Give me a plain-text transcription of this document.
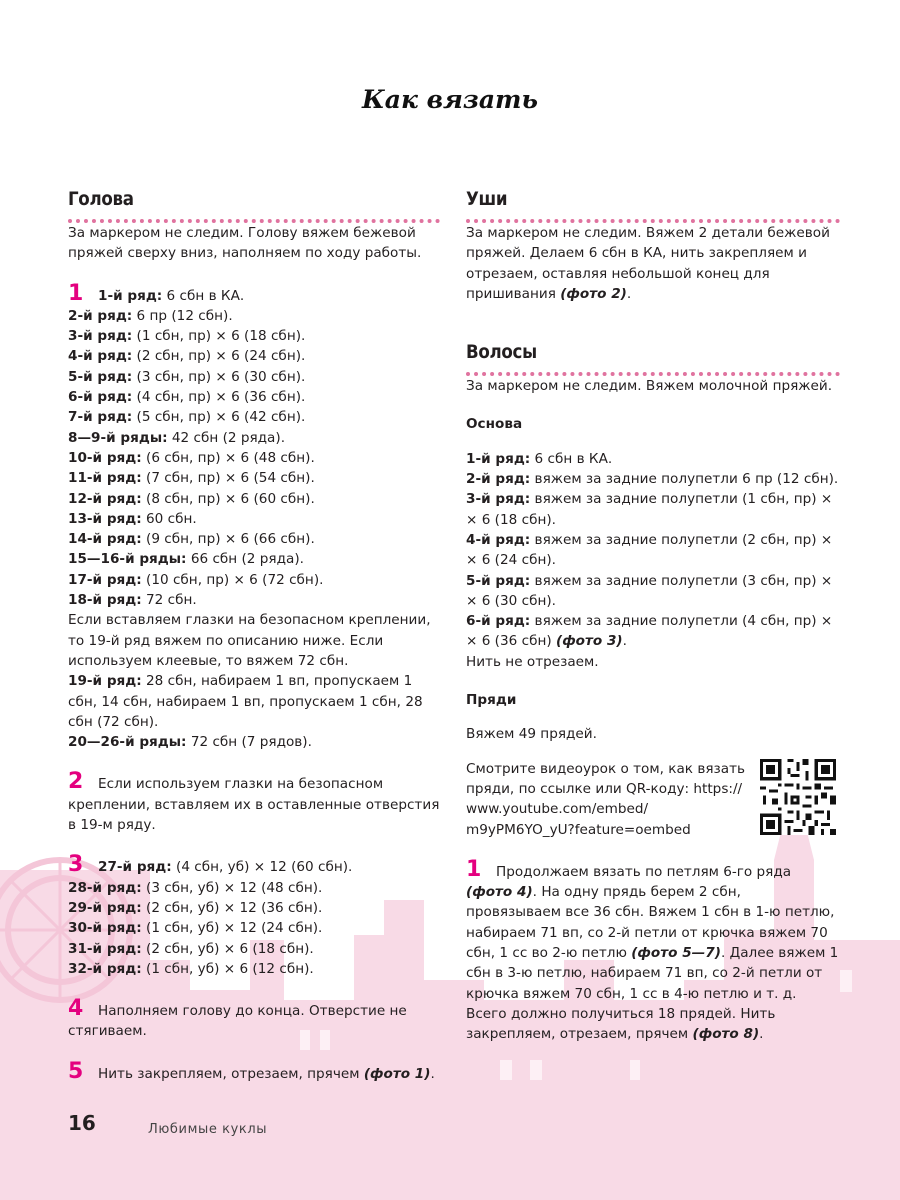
Как вязать
Голова

За маркером не следим. Голову вяжем бежевой пряжей сверху вниз, наполняем по ходу работы.

1 1-й ряд: 6 сбн в КА.

2-й ряд: 6 пр (12 сбн).

3-й ряд: (1 сбн, пр) × 6 (18 сбн).

4-й ряд: (2 сбн, пр) × 6 (24 сбн).

5-й ряд: (3 сбн, пр) × 6 (30 сбн).

6-й ряд: (4 сбн, пр) × 6 (36 сбн).

7-й ряд: (5 сбн, пр) × 6 (42 сбн).

8—9-й ряды: 42 сбн (2 ряда).

10-й ряд: (6 сбн, пр) × 6 (48 сбн).

11-й ряд: (7 сбн, пр) × 6 (54 сбн).

12-й ряд: (8 сбн, пр) × 6 (60 сбн).

13-й ряд: 60 сбн.

14-й ряд: (9 сбн, пр) × 6 (66 сбн).

15—16-й ряды: 66 сбн (2 ряда).

17-й ряд: (10 сбн, пр) × 6 (72 сбн).

18-й ряд: 72 сбн.

Если вставляем глазки на безопасном креплении, то 19-й ряд вяжем по описанию ниже. Если используем клеевые, то вяжем 72 сбн.

19-й ряд: 28 сбн, набираем 1 вп, пропускаем 1 сбн, 14 сбн, набираем 1 вп, пропускаем 1 сбн, 28 сбн (72 сбн).

20—26-й ряды: 72 сбн (7 рядов).

2 Если используем глазки на безопасном креплении, вставляем их в оставленные отверстия в 19-м ряду.

3 27-й ряд: (4 сбн, уб) × 12 (60 сбн).

28-й ряд: (3 сбн, уб) × 12 (48 сбн).

29-й ряд: (2 сбн, уб) × 12 (36 сбн).

30-й ряд: (1 сбн, уб) × 12 (24 сбн).

31-й ряд: (2 сбн, уб) × 6 (18 сбн).

32-й ряд: (1 сбн, уб) × 6 (12 сбн).

4 Наполняем голову до конца. Отверстие не стягиваем.
5 Нить закрепляем, отрезаем, прячем (фото 1).
Уши

За маркером не следим. Вяжем 2 детали бежевой пряжей. Делаем 6 сбн в КА, нить закрепляем и отрезаем, оставляя небольшой конец для пришивания (фото 2).

Волосы

За маркером не следим. Вяжем молочной пряжей.

Основа

1-й ряд: 6 сбн в КА.

2-й ряд: вяжем за задние полупетли 6 пр (12 сбн).

3-й ряд: вяжем за задние полупетли (1 сбн, пр) × × 6 (18 сбн).

4-й ряд: вяжем за задние полупетли (2 сбн, пр) × × 6 (24 сбн).

5-й ряд: вяжем за задние полупетли (3 сбн, пр) × × 6 (30 сбн).

6-й ряд: вяжем за задние полупетли (4 сбн, пр) × × 6 (36 сбн) (фото 3).

Нить не отрезаем.

Пряди

Вяжем 49 прядей.

Смотрите видеоурок о том, как вязать пряди, по ссылке или QR-коду: https:// www.youtube.com/embed/ m9yPM6YO_yU?feature=oembed

1 Продолжаем вязать по петлям 6-го ряда (фото 4). На одну прядь берем 2 сбн, провязываем все 36 сбн. Вяжем 1 сбн в 1-ю петлю, набираем 71 вп, со 2-й петли от крючка вяжем 70 сбн, 1 сс во 2-ю петлю (фото 5—7). Далее вяжем 1 сбн в 3-ю петлю, набираем 71 вп, со 2-й петли от крючка вяжем 70 сбн, 1 сс в 4-ю петлю и т. д. Всего должно получиться 18 прядей. Нить закрепляем, отрезаем, прячем (фото 8).
16	Любимые куклы
